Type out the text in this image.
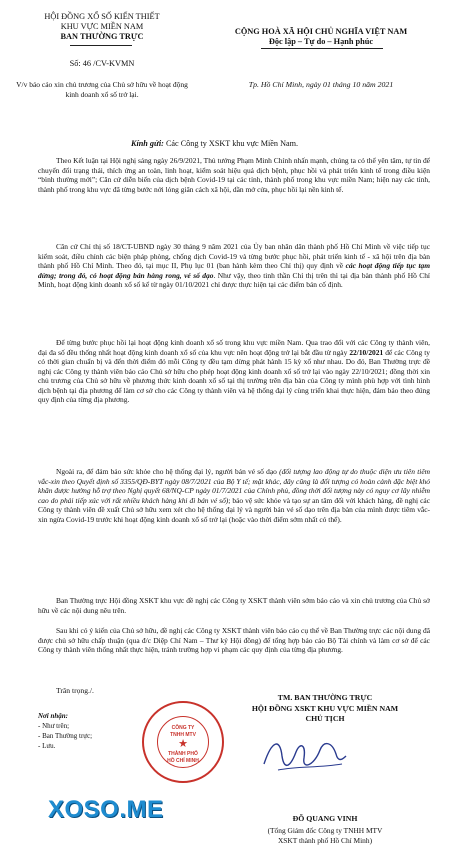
HỘI ĐỒNG XỔ SỐ KIẾN THIẾT
KHU VỰC MIỀN NAM
BAN THƯỜNG TRỰC
Số: 46 /CV-KVMN
V/v báo cáo xin chủ trương của Chủ sở hữu về hoạt động kinh doanh xổ số trở lại.
CỘNG HOÀ XÃ HỘI CHỦ NGHĨA VIỆT NAM
Độc lập – Tự do – Hạnh phúc
Tp. Hồ Chí Minh, ngày 01 tháng 10 năm 2021
Kính gửi: Các Công ty XSKT khu vực Miền Nam.
Theo Kết luận tại Hội nghị sáng ngày 26/9/2021, Thủ tướng Phạm Minh Chính nhấn mạnh, chúng ta có thể yên tâm, tự tin để chuyển đổi trạng thái, thích ứng an toàn, linh hoạt, kiểm soát hiệu quả dịch bệnh, phục hồi và phát triển kinh tế trong điều kiện “bình thường mới”; Căn cứ diễn biến của dịch bệnh Covid-19 tại các tỉnh, thành phố trong khu vực miền Nam; hiện nay các tỉnh, thành phố trong khu vực đã từng bước nới lỏng giãn cách xã hội, dần mở cửa, phục hồi lại nền kinh tế.
Căn cứ Chỉ thị số 18/CT-UBND ngày 30 tháng 9 năm 2021 của Ủy ban nhân dân thành phố Hồ Chí Minh về việc tiếp tục kiểm soát, điều chỉnh các biện pháp phòng, chống dịch Covid-19 và từng bước phục hồi, phát triển kinh tế - xã hội trên địa bàn thành phố Hồ Chí Minh. Theo đó, tại mục II, Phụ lục 01 (ban hành kèm theo Chỉ thị) quy định về các hoạt động tiếp tục tạm dừng; trong đó, có hoạt động bán hàng rong, vé số dạo. Như vậy, theo tinh thần Chỉ thị trên thì tại địa bàn thành phố Hồ Chí Minh, hoạt động kinh doanh xổ số kể từ ngày 01/10/2021 chỉ được thực hiện tại các điểm bán cố định.
Để từng bước phục hồi lại hoạt động kinh doanh xổ số trong khu vực miền Nam. Qua trao đổi với các Công ty thành viên, đại đa số đều thống nhất hoạt động kinh doanh xổ số của khu vực nên hoạt động trở lại bắt đầu từ ngày 22/10/2021 để các Công ty có thời gian chuẩn bị và đến thời điểm đó mỗi Công ty đều tạm dừng phát hành 15 kỳ xổ như nhau. Do đó, Ban Thường trực đề nghị các Công ty thành viên báo cáo Chủ sở hữu cho phép hoạt động kinh doanh xổ số trở lại vào ngày 22/10/2021; đồng thời xin chủ trương của Chủ sở hữu về phương thức kinh doanh xổ số tại thị trường trên địa bàn của Công ty mình phù hợp với tình hình dịch bệnh tại địa phương để làm cơ sở cho các Công ty thành viên và hệ thống đại lý cùng triển khai thực hiện, đảm bảo theo đúng quy định của từng địa phương.
Ngoài ra, để đảm bảo sức khỏe cho hệ thống đại lý, người bán vé số dạo (đối tượng lao động tự do thuộc diện ưu tiên tiêm vắc-xin theo Quyết định số 3355/QĐ-BYT ngày 08/7/2021 của Bộ Y tế; mặt khác, đây cũng là đối tượng có hoàn cảnh đặc biệt khó khăn được hưởng hỗ trợ theo Nghị quyết 68/NQ-CP ngày 01/7/2021 của Chính phủ, đồng thời đối tượng này có nguy cơ lây nhiễm cao do phải tiếp xúc với rất nhiều khách hàng khi đi bán vé số); bảo vệ sức khỏe và tạo sự an tâm đối với khách hàng, đề nghị các Công ty thành viên đề xuất Chủ sở hữu xem xét cho hệ thống đại lý và người bán vé số dạo trên địa bàn của mình được tiêm vắc-xin ngừa Covid-19 trước khi hoạt động kinh doanh xổ số trở lại (hoặc vào thời điểm sớm nhất có thể).
Ban Thường trực Hội đồng XSKT khu vực đề nghị các Công ty XSKT thành viên sớm báo cáo và xin chủ trương của Chủ sở hữu về các nội dung nêu trên.
Sau khi có ý kiến của Chủ sở hữu, đề nghị các Công ty XSKT thành viên báo cáo cụ thể về Ban Thường trực các nội dung đã được chủ sở hữu chấp thuận (qua đ/c Diệp Chí Nam – Thư ký Hội đồng) để tổng hợp báo cáo Bộ Tài chính và làm cơ sở để các Công ty thành viên thống nhất thực hiện, tránh trường hợp vi phạm các quy định của từng địa phương.
Trân trọng./.
Nơi nhận:
- Như trên;
- Ban Thường trực;
- Lưu.
TM. BAN THƯỜNG TRỰC
HỘI ĐỒNG XSKT KHU VỰC MIỀN NAM
CHỦ TỊCH
CÔNG TY
TNHH MTV
★
THÀNH PHỐ
HỒ CHÍ MINH
XOSO.ME	ĐỖ QUANG VINH
(Tổng Giám đốc Công ty TNHH MTV
XSKT thành phố Hồ Chí Minh)
